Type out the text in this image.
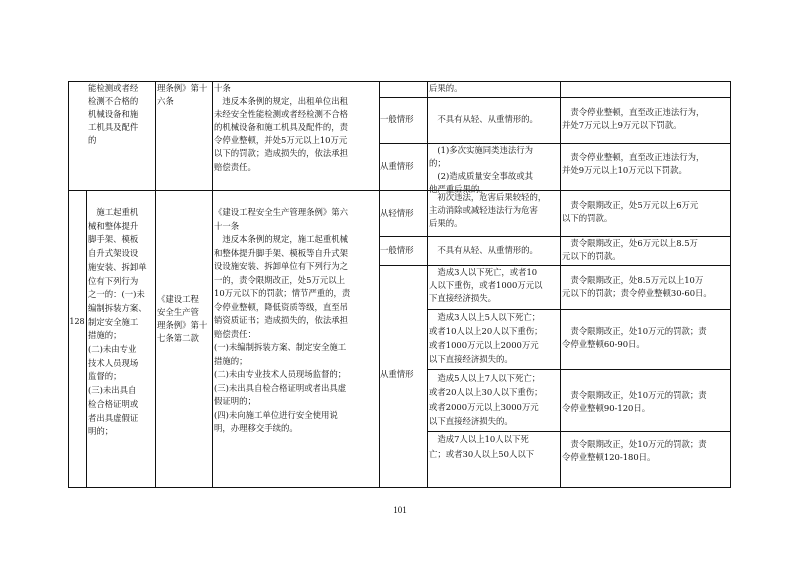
能检测或者经
检测不合格的
机械设备和施
工机具及配件
的
理条例》第十
六条
十条
　违反本条例的规定，出租单位出租
未经安全性能检测或者经检测不合格
的机械设备和施工机具及配件的，责
令停业整顿，并处5万元以上10万元
以下的罚款；造成损失的，依法承担
赔偿责任。
后果的。
一般情形	　不具有从轻、从重情形的。
　责令停业整顿，直至改正违法行为，
并处7万元以上9万元以下罚款。
从重情形
　(1)多次实施同类违法行为
的；
　(2)造成质量安全事故或其
他严重后果的。
　责令停业整顿，直至改正违法行为，
并处9万元以上10万元以下罚款。
128
　施工起重机
械和整体提升
脚手架、模板
自升式架设设
施安装、拆卸单
位有下列行为
之一的：(一)未
编制拆装方案、
制定安全施工
措施的；
(二)未由专业
技术人员现场
监督的；
(三)未出具自
检合格证明或
者出具虚假证
明的；
《建设工程
安全生产管
理条例》第十
七条第二款
《建设工程安全生产管理条例》第六
十一条
　违反本条例的规定，施工起重机械
和整体提升脚手架、模板等自升式架
设设施安装、拆卸单位有下列行为之
一的，责令限期改正，处5万元以上
10万元以下的罚款；情节严重的，责
令停业整顿，降低资质等级，直至吊
销资质证书；造成损失的，依法承担
赔偿责任：
(一)未编制拆装方案、制定安全施工
措施的；
(二)未由专业技术人员现场监督的；
(三)未出具自检合格证明或者出具虚
假证明的；
(四)未向施工单位进行安全使用说
明，办理移交手续的。
从轻情形
　初次违法，危害后果较轻的，
主动消除或减轻违法行为危害
后果的。
　责令限期改正，处5万元以上6万元
以下的罚款。
一般情形	　不具有从轻、从重情形的。
　责令限期改正，处6万元以上8.5万
元以下的罚款。
从重情形
　造成3人以下死亡，或者10
人以下重伤，或者1000万元以
下直接经济损失。
　责令限期改正，处8.5万元以上10万
元以下的罚款；责令停业整顿30-60日。
　造成3人以上5人以下死亡；
或者10人以上20人以下重伤；
或者1000万元以上2000万元
以下直接经济损失的。
　责令限期改正，处10万元的罚款；责
令停业整顿60-90日。
　造成5人以上7人以下死亡；
或者20人以上30人以下重伤；
或者2000万元以上3000万元
以下直接经济损失的。
　责令限期改正，处10万元的罚款；责
令停业整顿90-120日。
　造成7人以上10人以下死
亡；或者30人以上50人以下
　责令限期改正，处10万元的罚款；责
令停业整顿120-180日。
101
